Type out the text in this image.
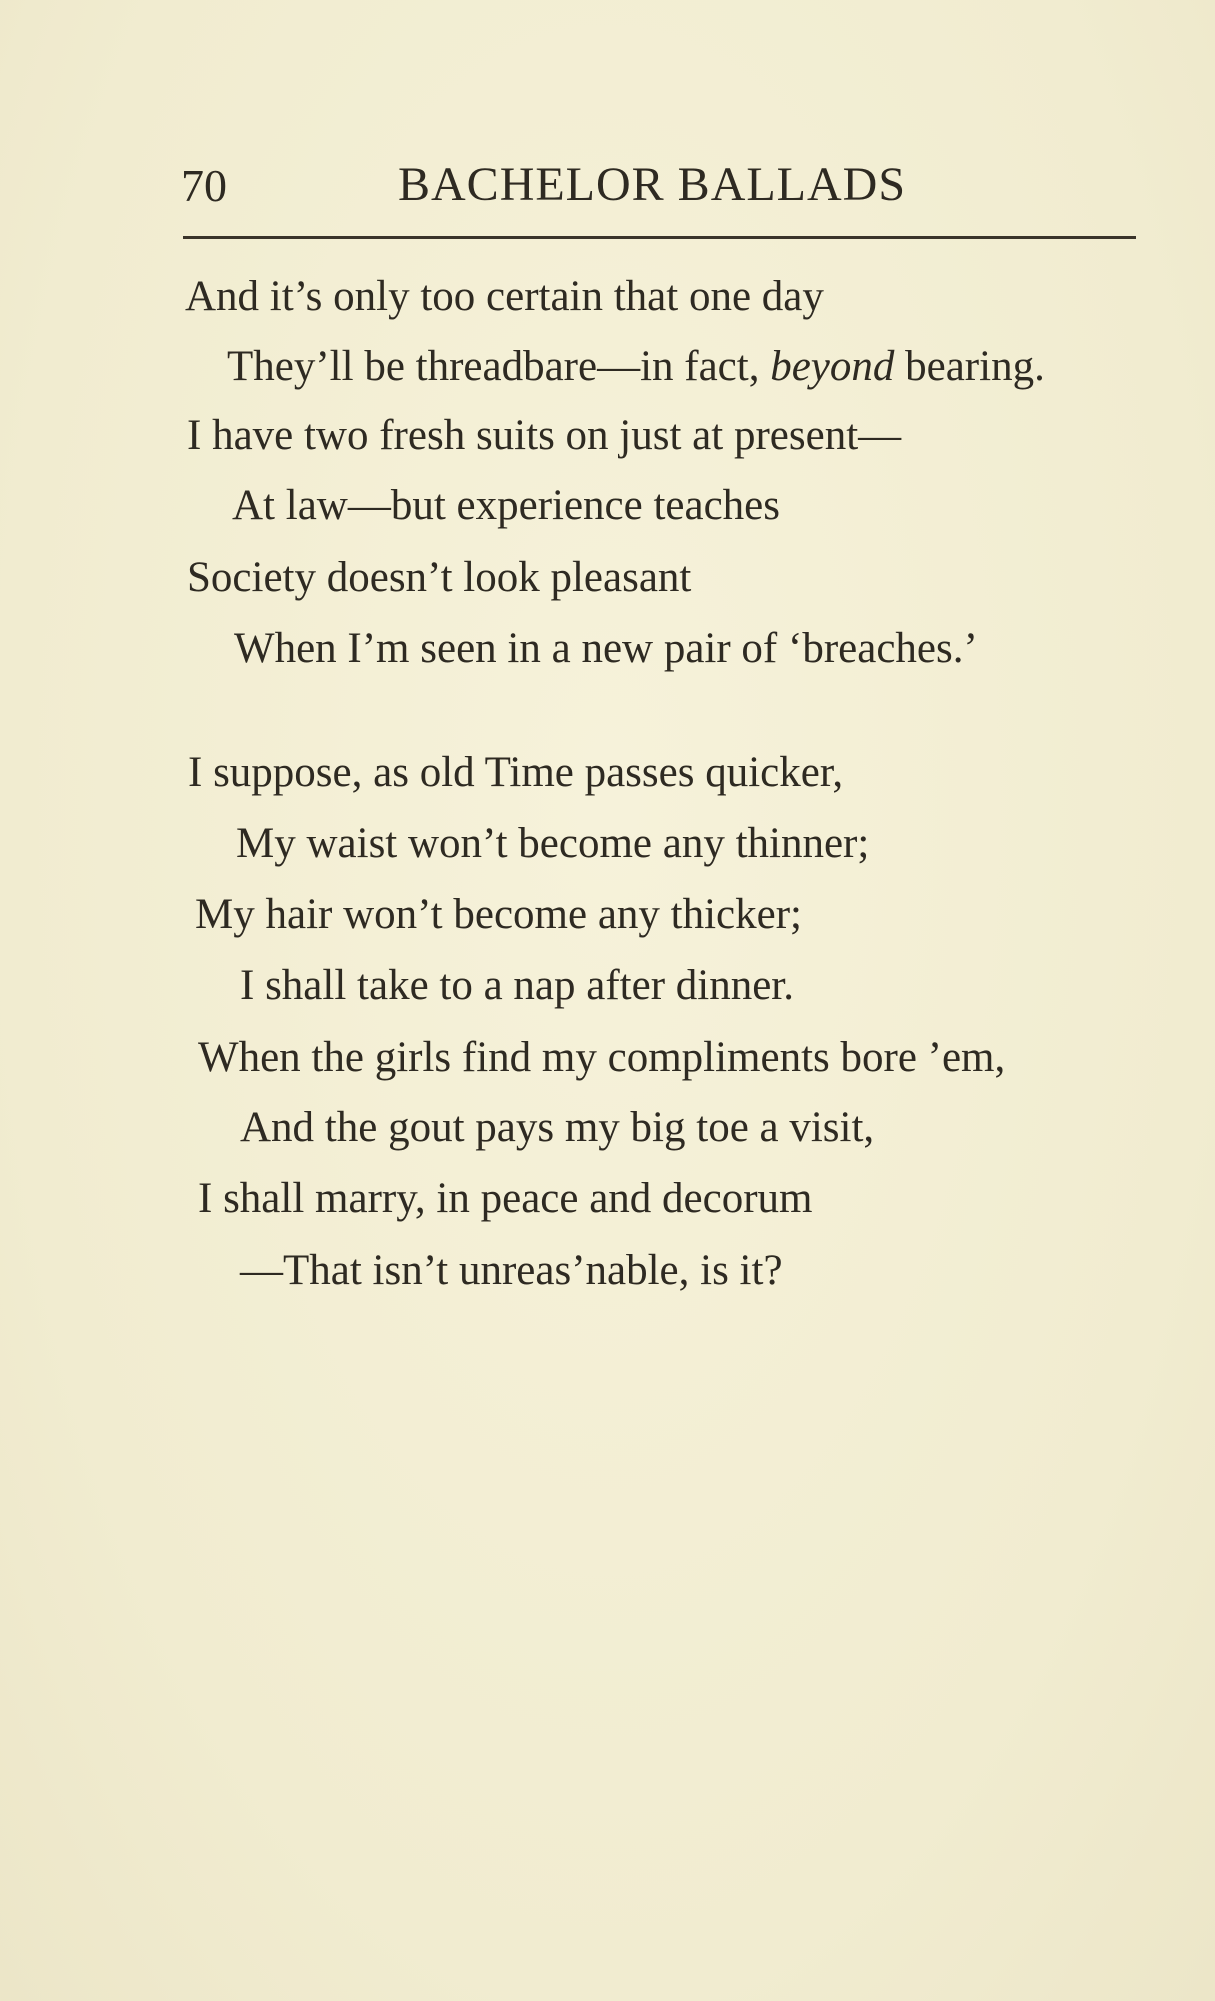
70	BACHELOR BALLADS
And it’s only too certain that one day
They’ll be threadbare—in fact, beyond bearing.
I have two fresh suits on just at present—
At law—but experience teaches
Society doesn’t look pleasant
When I’m seen in a new pair of ‘breaches.’
I suppose, as old Time passes quicker,
My waist won’t become any thinner;
My hair won’t become any thicker;
I shall take to a nap after dinner.
When the girls find my compliments bore ’em,
And the gout pays my big toe a visit,
I shall marry, in peace and decorum
—That isn’t unreas’nable, is it?
